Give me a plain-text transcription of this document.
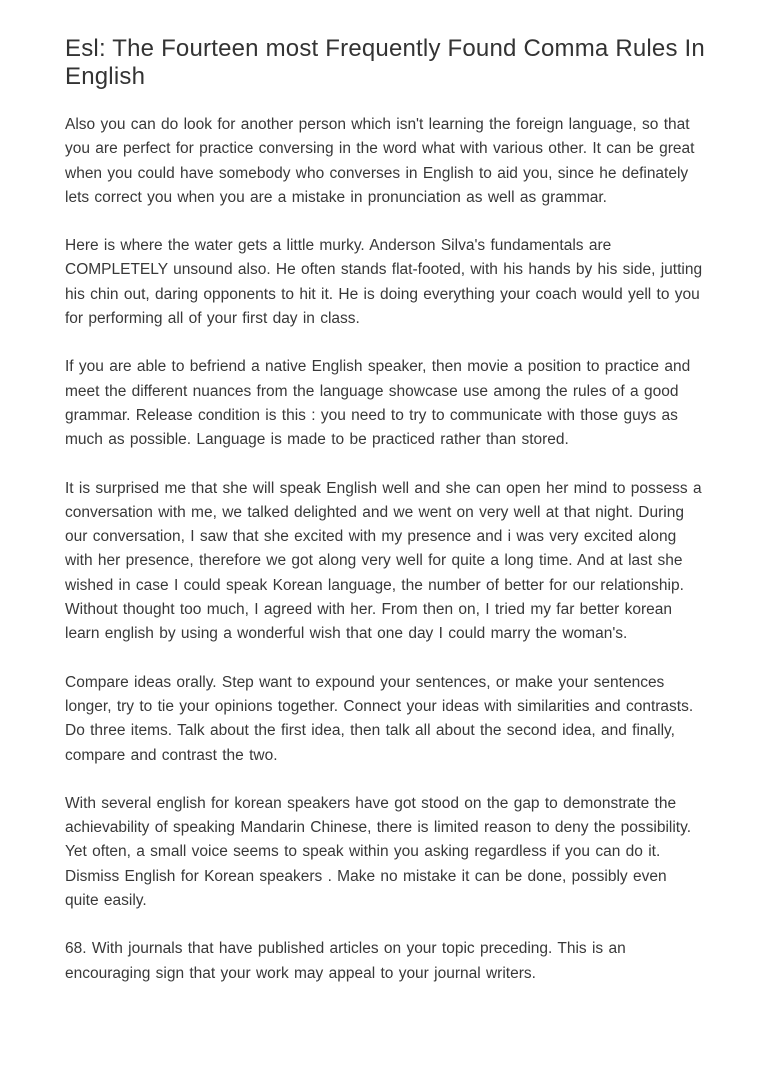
Esl: The Fourteen most Frequently Found Comma Rules In English

Also you can do look for another person which isn't learning the foreign language, so that you are perfect for practice conversing in the word what with various other. It can be great when you could have somebody who converses in English to aid you, since he definately lets correct you when you are a mistake in pronunciation as well as grammar.

Here is where the water gets a little murky. Anderson Silva's fundamentals are COMPLETELY unsound also. He often stands flat-footed, with his hands by his side, jutting his chin out, daring opponents to hit it. He is doing everything your coach would yell to you for performing all of your first day in class.

If you are able to befriend a native English speaker, then movie a position to practice and meet the different nuances from the language showcase use among the rules of a good grammar. Release condition is this : you need to try to communicate with those guys as much as possible. Language is made to be practiced rather than stored.

It is surprised me that she will speak English well and she can open her mind to possess a conversation with me, we talked delighted and we went on very well at that night. During our conversation, I saw that she excited with my presence and i was very excited along with her presence, therefore we got along very well for quite a long time. And at last she wished in case I could speak Korean language, the number of better for our relationship. Without thought too much, I agreed with her. From then on, I tried my far better korean learn english by using a wonderful wish that one day I could marry the woman's.

Compare ideas orally. Step want to expound your sentences, or make your sentences longer, try to tie your opinions together. Connect your ideas with similarities and contrasts. Do three items. Talk about the first idea, then talk all about the second idea, and finally, compare and contrast the two.

With several english for korean speakers have got stood on the gap to demonstrate the achievability of speaking Mandarin Chinese, there is limited reason to deny the possibility. Yet often, a small voice seems to speak within you asking regardless if you can do it. Dismiss English for Korean speakers . Make no mistake it can be done, possibly even quite easily.

68. With journals that have published articles on your topic preceding. This is an encouraging sign that your work may appeal to your journal writers.
